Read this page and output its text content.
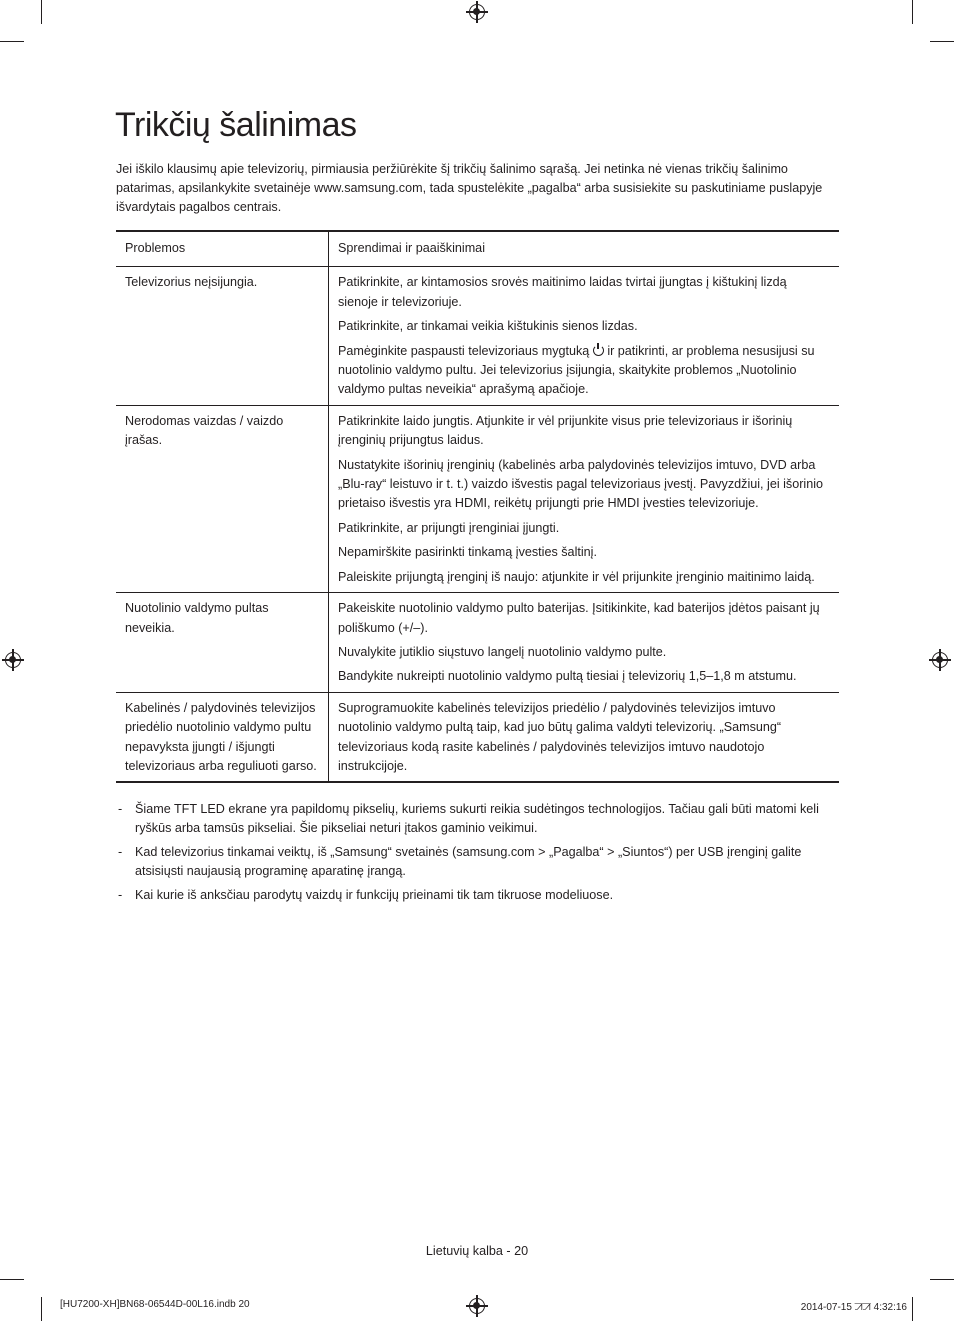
Trikčių šalinimas

Jei iškilo klausimų apie televizorių, pirmiausia peržiūrėkite šį trikčių šalinimo sąrašą. Jei netinka nė vienas trikčių šalinimo patarimas, apsilankykite svetainėje www.samsung.com, tada spustelėkite „pagalba“ arba susisiekite su paskutiniame puslapyje išvardytais pagalbos centrais.

Problemos	Sprendimai ir paaiškinimai
Televizorius neįsijungia.	Patikrinkite, ar kintamosios srovės maitinimo laidas tvirtai įjungtas į kištukinį lizdą sienoje ir televizoriuje.

Patikrinkite, ar tinkamai veikia kištukinis sienos lizdas.

Pamėginkite paspausti televizoriaus mygtuką ir patikrinti, ar problema nesusijusi su nuotolinio valdymo pultu. Jei televizorius įsijungia, skaitykite problemos „Nuotolinio valdymo pultas neveikia“ aprašymą apačioje.

Nerodomas vaizdas / vaizdo įrašas.	Patikrinkite laido jungtis. Atjunkite ir vėl prijunkite visus prie televizoriaus ir išorinių įrenginių prijungtus laidus.

Nustatykite išorinių įrenginių (kabelinės arba palydovinės televizijos imtuvo, DVD arba „Blu-ray“ leistuvo ir t. t.) vaizdo išvestis pagal televizoriaus įvestį. Pavyzdžiui, jei išorinio prietaiso išvestis yra HDMI, reikėtų prijungti prie HMDI įvesties televizoriuje.

Patikrinkite, ar prijungti įrenginiai įjungti.

Nepamirškite pasirinkti tinkamą įvesties šaltinį.

Paleiskite prijungtą įrenginį iš naujo: atjunkite ir vėl prijunkite įrenginio maitinimo laidą.

Nuotolinio valdymo pultas neveikia.	Pakeiskite nuotolinio valdymo pulto baterijas. Įsitikinkite, kad baterijos įdėtos paisant jų poliškumo (+/–).

Nuvalykite jutiklio siųstuvo langelį nuotolinio valdymo pulte.

Bandykite nukreipti nuotolinio valdymo pultą tiesiai į televizorių 1,5–1,8 m atstumu.

Kabelinės / palydovinės televizijos priedėlio nuotolinio valdymo pultu nepavyksta įjungti / išjungti televizoriaus arba reguliuoti garso.	Suprogramuokite kabelinės televizijos priedėlio / palydovinės televizijos imtuvo nuotolinio valdymo pultą taip, kad juo būtų galima valdyti televizorių. „Samsung“ televizoriaus kodą rasite kabelinės / palydovinės televizijos imtuvo naudotojo instrukcijoje.

- Šiame TFT LED ekrane yra papildomų pikselių, kuriems sukurti reikia sudėtingos technologijos. Tačiau gali būti matomi keli ryškūs arba tamsūs pikseliai. Šie pikseliai neturi įtakos gaminio veikimui.
- Kad televizorius tinkamai veiktų, iš „Samsung“ svetainės (samsung.com > „Pagalba“ > „Siuntos“) per USB įrenginį galite atsisiųsti naujausią programinę aparatinę įrangą.
- Kai kurie iš anksčiau parodytų vaizdų ir funkcijų prieinami tik tam tikruose modeliuose.
Lietuvių kalba - 20
[HU7200-XH]BN68-06544D-00L16.indb 20	2014-07-15 ꠀꠀ 4:32:16
